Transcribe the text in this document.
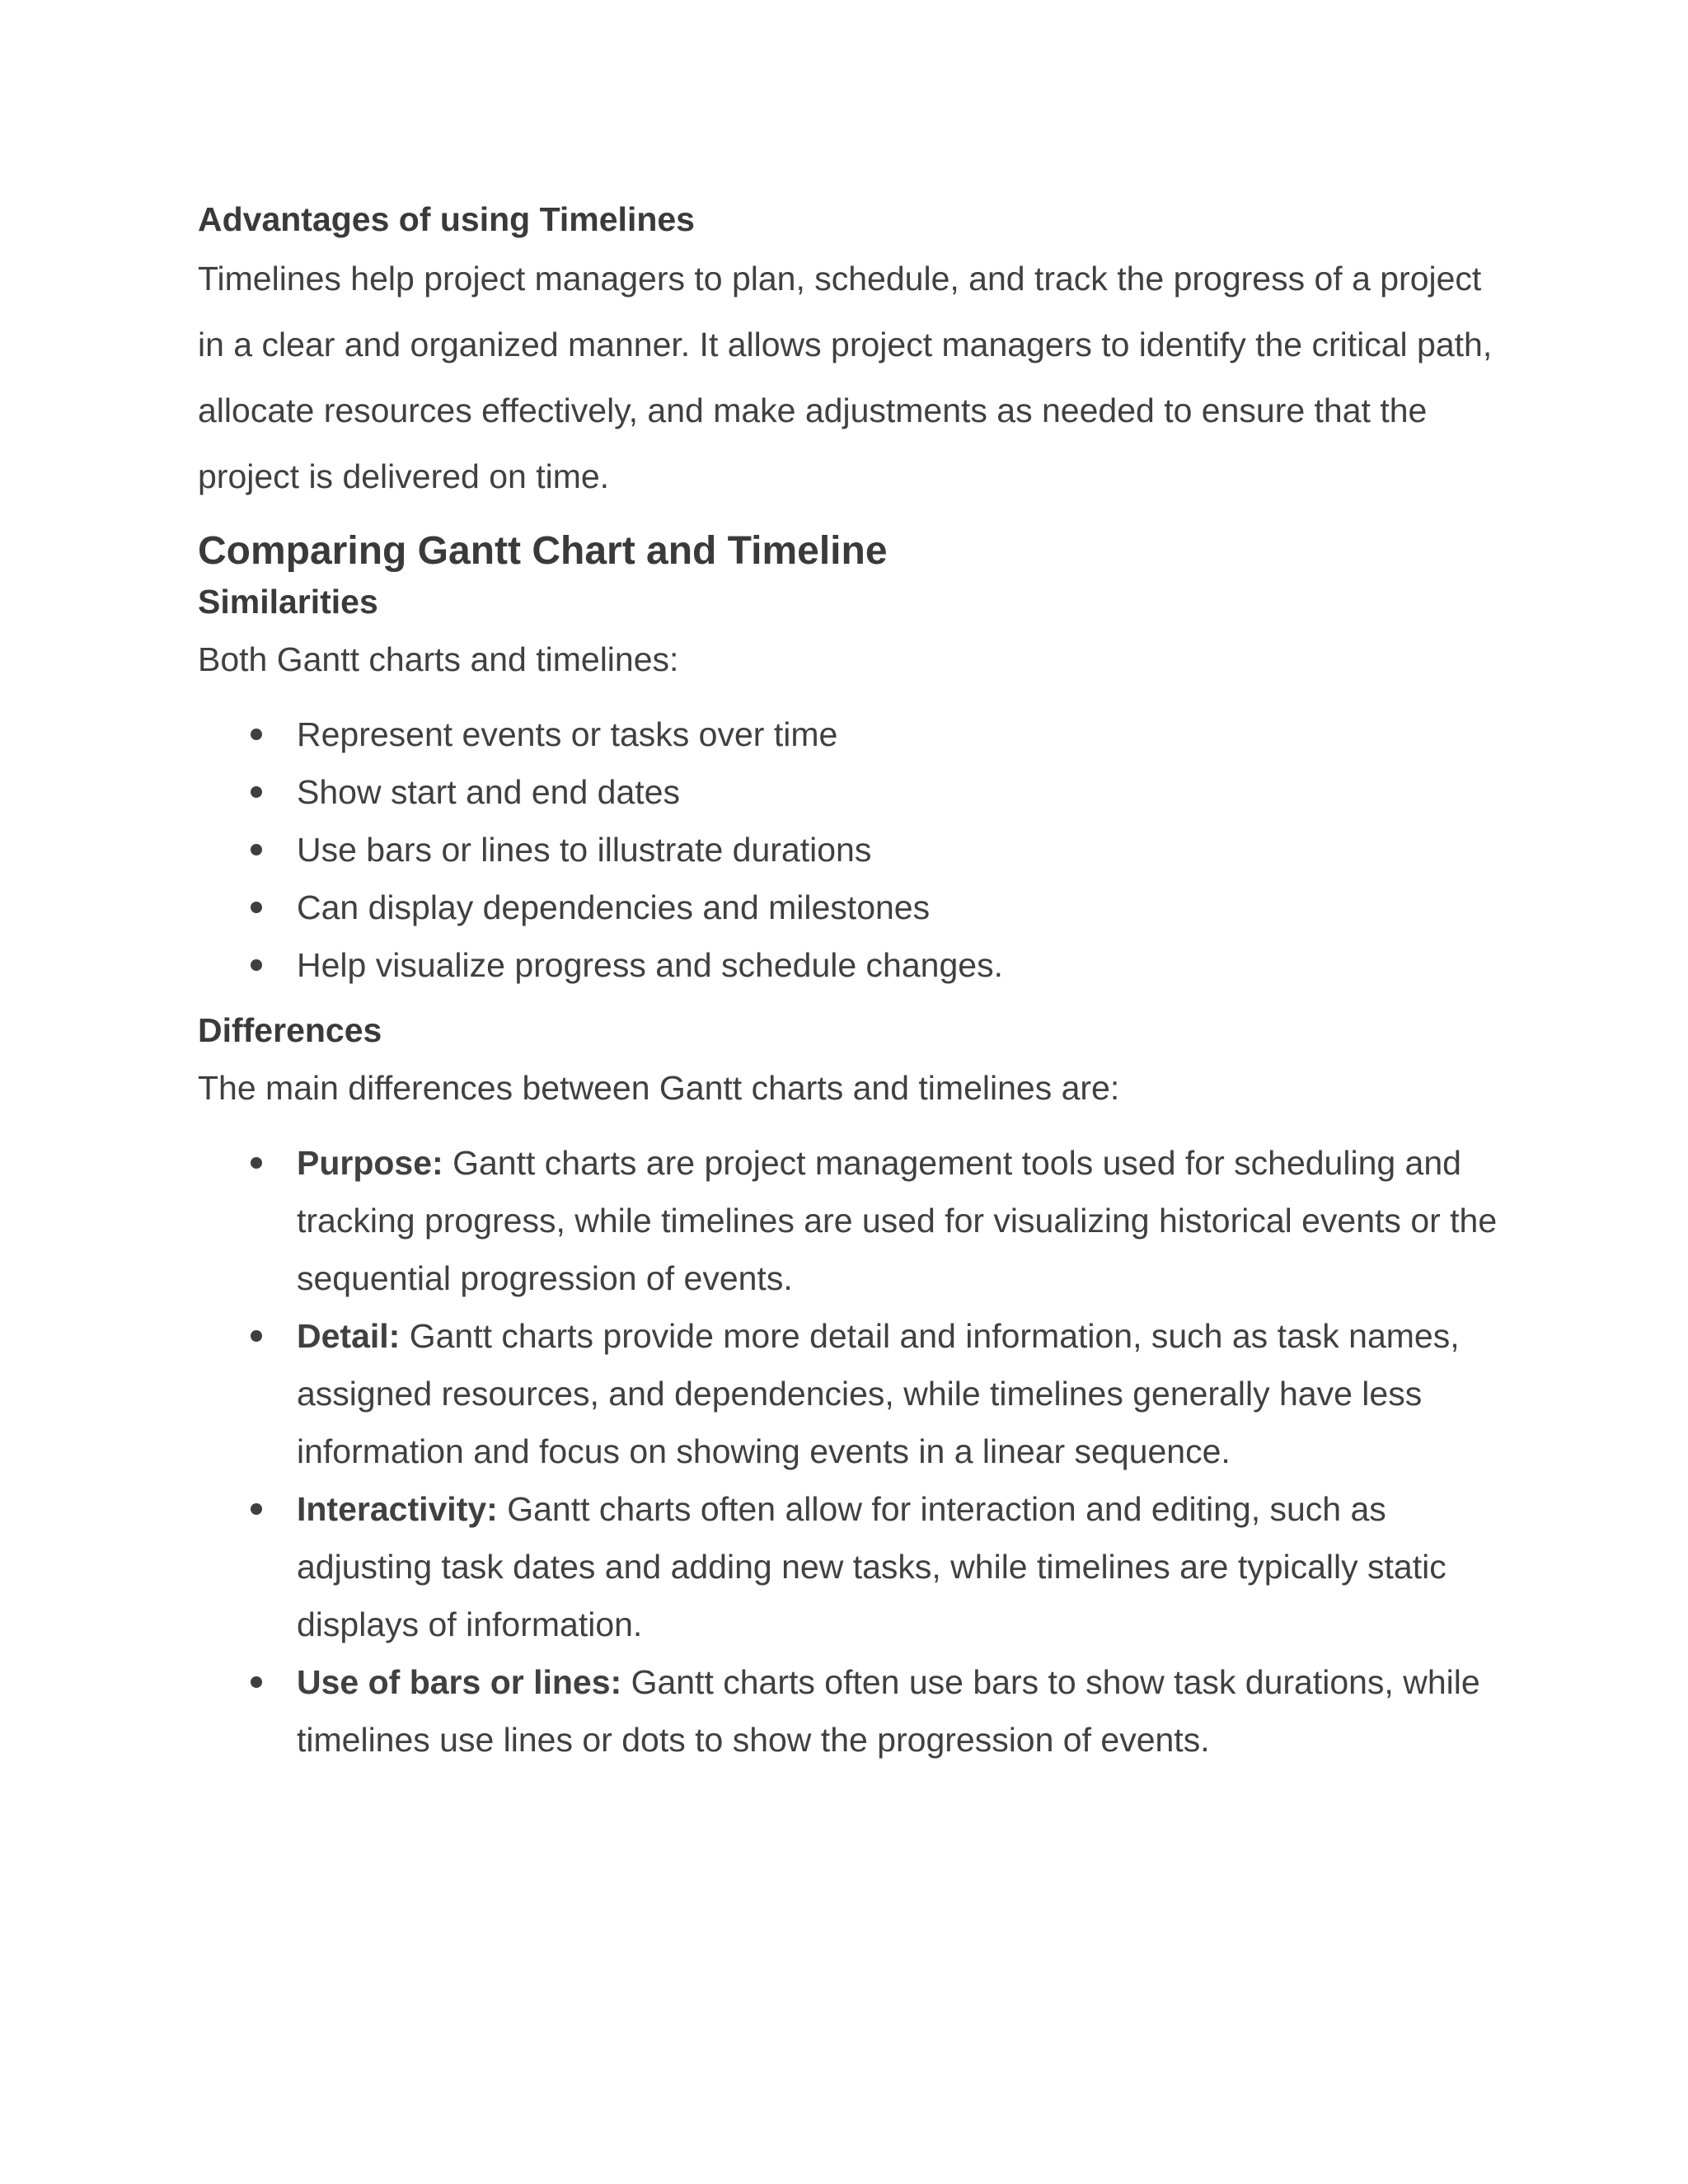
Advantages of using Timelines

Timelines help project managers to plan, schedule, and track the progress of a project in a clear and organized manner. It allows project managers to identify the critical path, allocate resources effectively, and make adjustments as needed to ensure that the project is delivered on time.

Comparing Gantt Chart and Timeline
Similarities

Both Gantt charts and timelines:

Represent events or tasks over time
Show start and end dates
Use bars or lines to illustrate durations
Can display dependencies and milestones
Help visualize progress and schedule changes.
Differences

The main differences between Gantt charts and timelines are:

Purpose: Gantt charts are project management tools used for scheduling and tracking progress, while timelines are used for visualizing historical events or the sequential progression of events.
Detail: Gantt charts provide more detail and information, such as task names, assigned resources, and dependencies, while timelines generally have less information and focus on showing events in a linear sequence.
Interactivity: Gantt charts often allow for interaction and editing, such as adjusting task dates and adding new tasks, while timelines are typically static displays of information.
Use of bars or lines: Gantt charts often use bars to show task durations, while timelines use lines or dots to show the progression of events.
